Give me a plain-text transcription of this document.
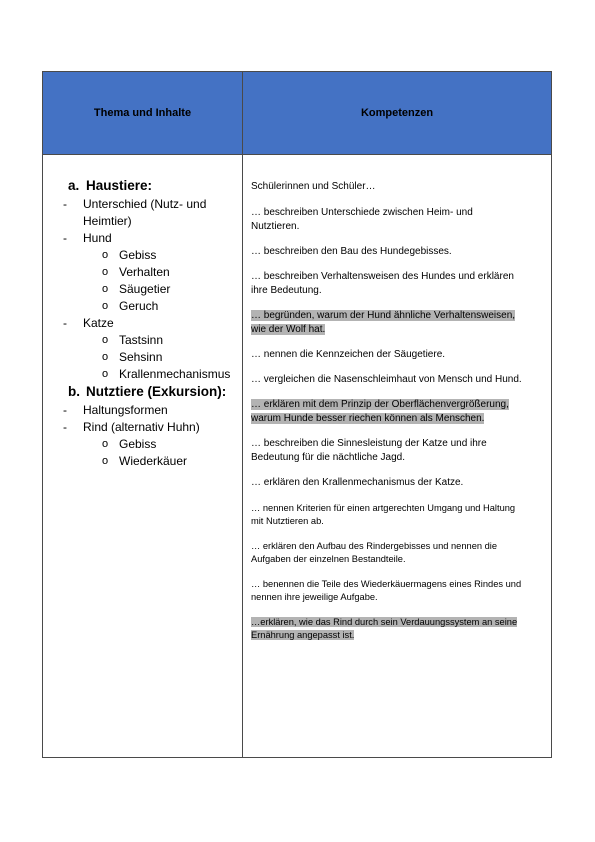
Thema und Inhalte	Kompetenzen
a. Haustiere:
- Unterschied (Nutz- und
Heimtier)
- Hund
o Gebiss
o Verhalten
o Säugetier
o Geruch
- Katze
o Tastsinn
o Sehsinn
o Krallenmechanismus
b. Nutztiere (Exkursion):
- Haltungsformen
- Rind (alternativ Huhn)
o Gebiss
o Wiederkäuer
Schülerinnen und Schüler…
… beschreiben Unterschiede zwischen Heim- und
Nutztieren.
… beschreiben den Bau des Hundegebisses.
… beschreiben Verhaltensweisen des Hundes und erklären
ihre Bedeutung.
… begründen, warum der Hund ähnliche Verhaltensweisen,
wie der Wolf hat.
… nennen die Kennzeichen der Säugetiere.
… vergleichen die Nasenschleimhaut von Mensch und Hund.
… erklären mit dem Prinzip der Oberflächenvergrößerung,
warum Hunde besser riechen können als Menschen.
… beschreiben die Sinnesleistung der Katze und ihre
Bedeutung für die nächtliche Jagd.
… erklären den Krallenmechanismus der Katze.
… nennen Kriterien für einen artgerechten Umgang und Haltung
mit Nutztieren ab.
… erklären den Aufbau des Rindergebisses und nennen die
Aufgaben der einzelnen Bestandteile.
… benennen die Teile des Wiederkäuermagens eines Rindes und
nennen ihre jeweilige Aufgabe.
…erklären, wie das Rind durch sein Verdauungssystem an seine
Ernährung angepasst ist.
